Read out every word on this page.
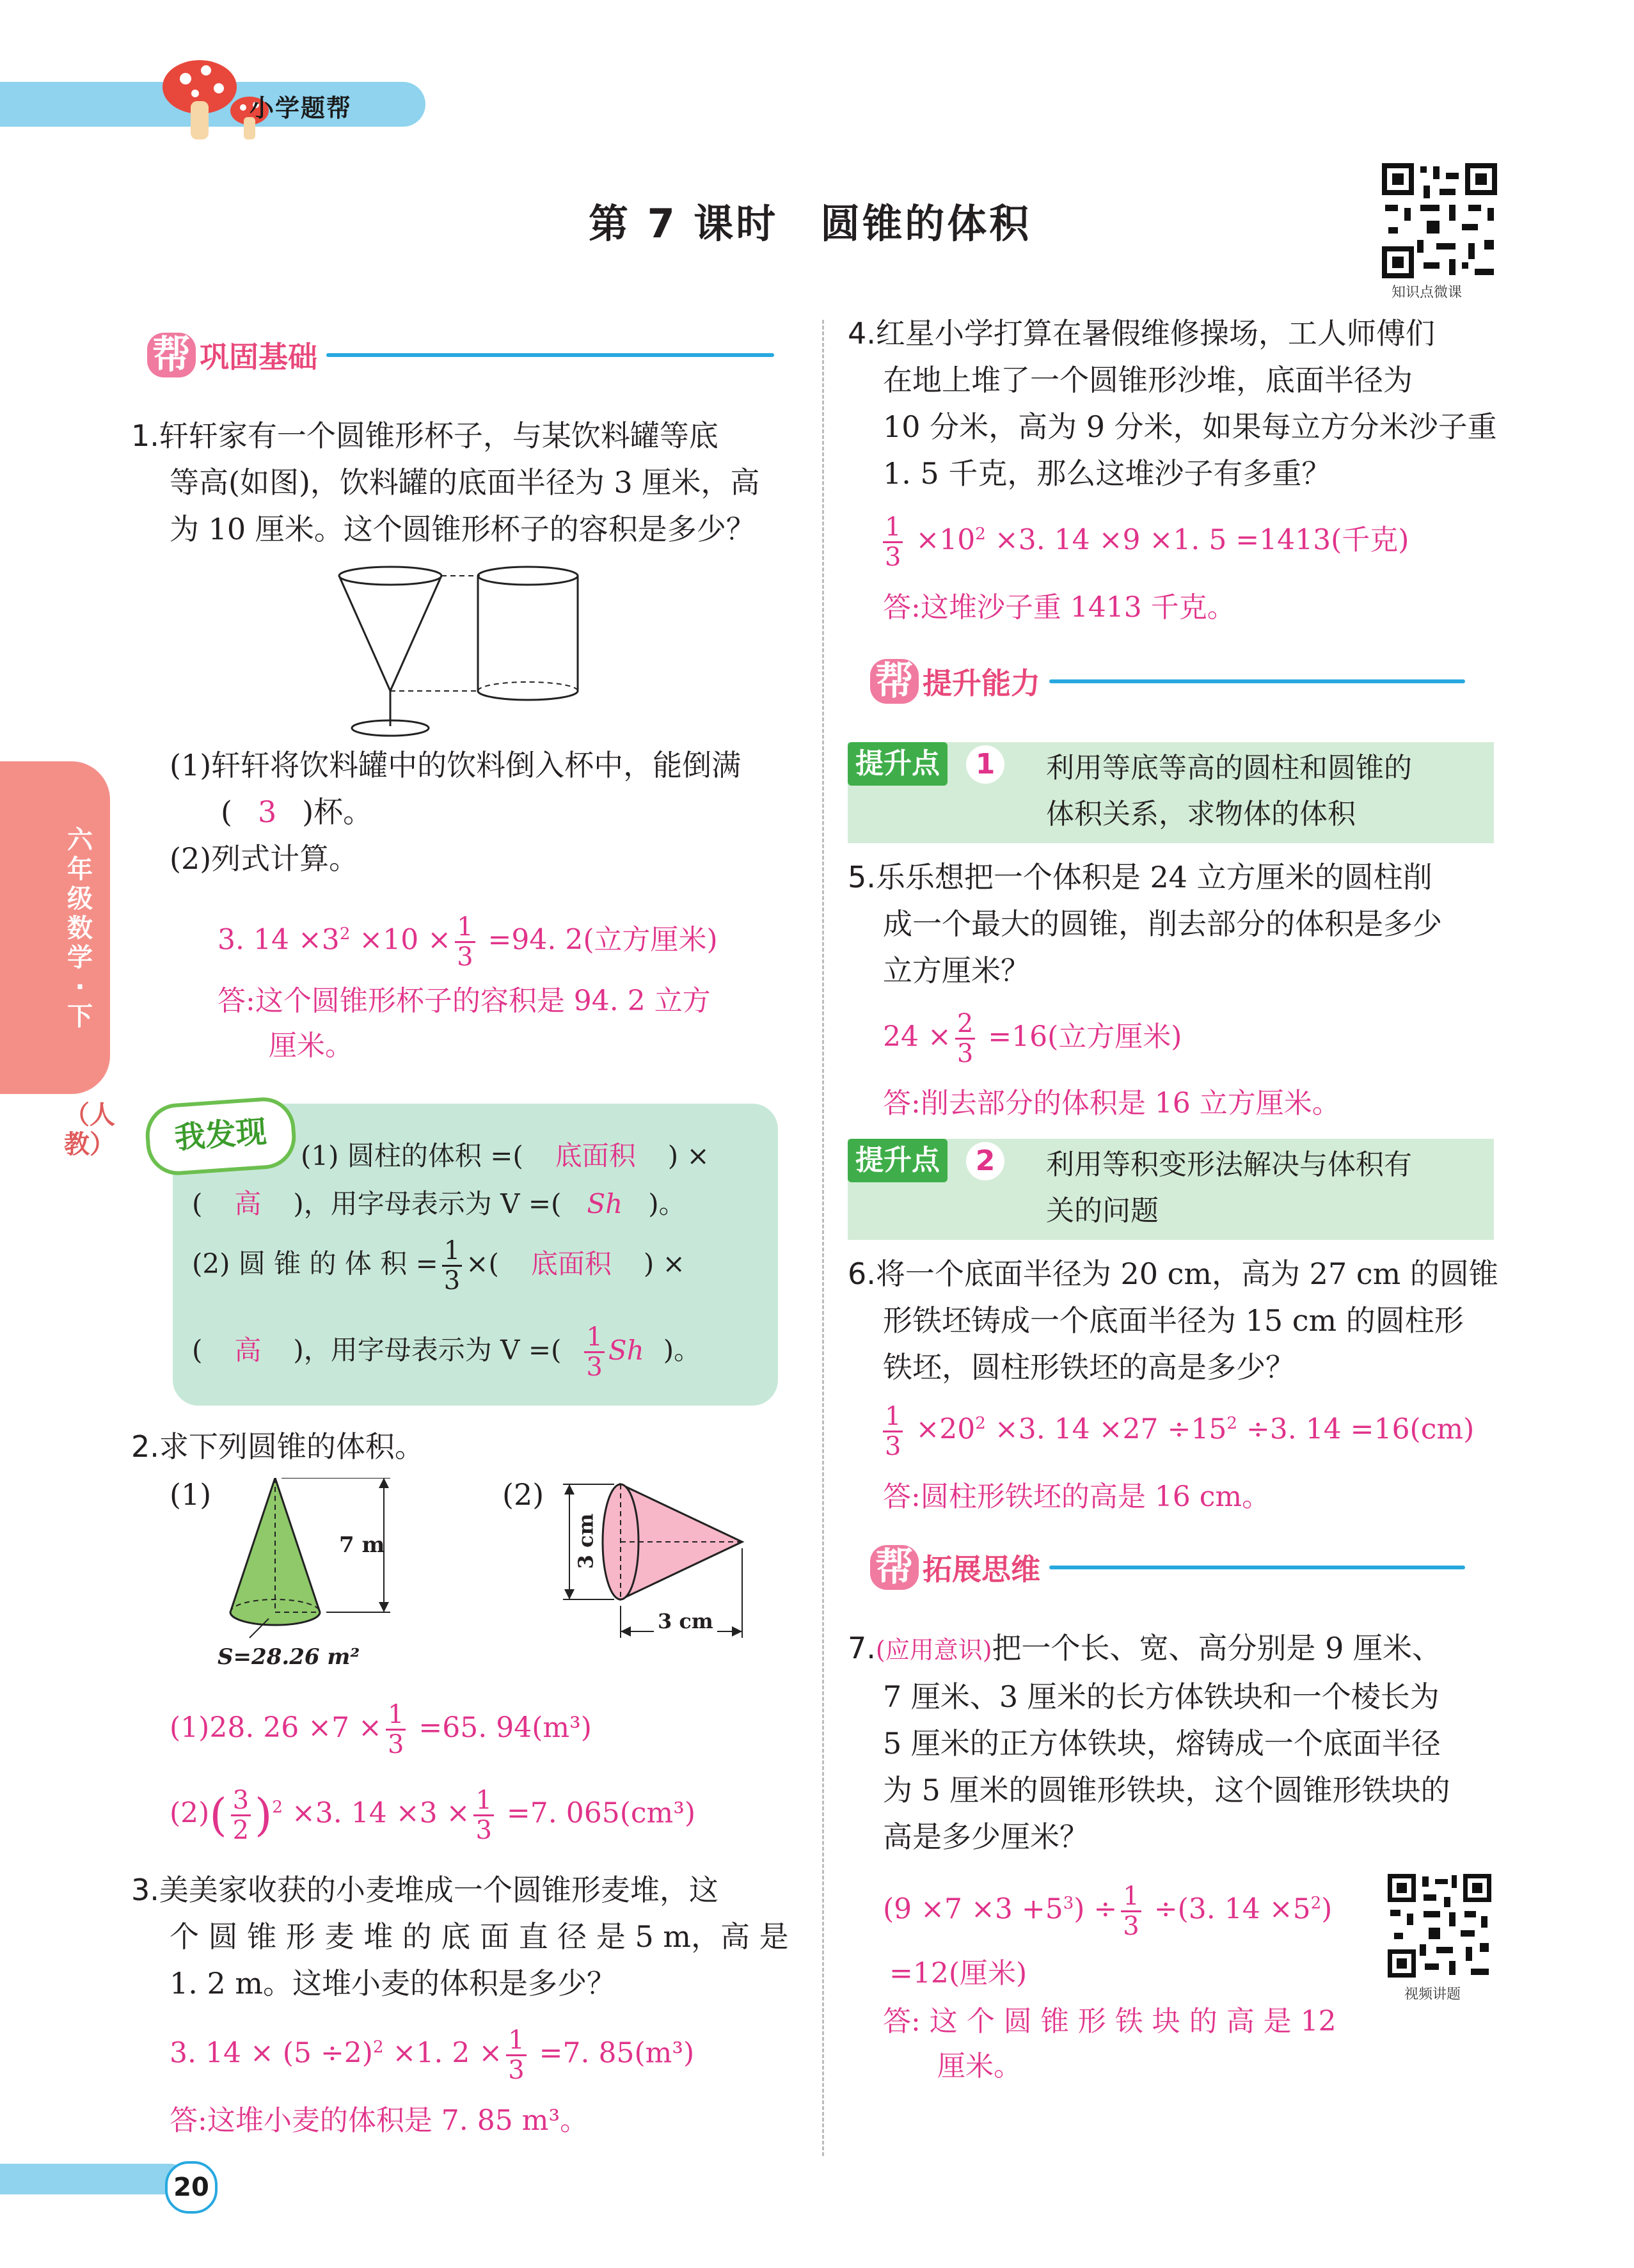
小学题帮
第 7 课时　圆锥的体积
知识点微课
六年级数学·下
（人教）
帮 巩固基础
1.轩轩家有一个圆锥形杯子，与某饮料罐等底
等高(如图)，饮料罐的底面半径为 3 厘米，高
为 10 厘米。这个圆锥形杯子的容积是多少？
(1)轩轩将饮料罐中的饮料倒入杯中，能倒满
( 3 )杯。
(2)列式计算。
3. $14 \times 3^2 \times 10 \times \frac{1}{3} =94$. 2(立方厘米)
答:这个圆锥形杯子的容积是 94. 2 立方
厘米。
我发现	(1) 圆柱的体积 =( 底面积 ) ×
( 高 )，用字母表示为 V =( Sh )。
(2) 圆 锥 的 体 积 = $\frac{1}{3}$ ×( 底面积 ) ×
( 高 )，用字母表示为 V =( $\frac{1}{3}$ Sh )。
2.求下列圆锥的体积。
(1)
7 m
S=28.26 m²
(2)
3 cm
3 cm
(1)28. $26 \times 7 \times \frac{1}{3} =65$. 94(m³)
$(2)( \frac{3}{2} )^2 \times 3$. $14 \times 3 \times \frac{1}{3} =7$. 065(cm³)
3.美美家收获的小麦堆成一个圆锥形麦堆，这
个 圆 锥 形 麦 堆 的 底 面 直 径 是 5 m，高 是
1. 2 m。这堆小麦的体积是多少？
3. $14 \times (5 \div 2)^2 \times 1$. $2 \times \frac{1}{3} =7$. 85(m³)
答:这堆小麦的体积是 7. 85 m³。
20
4.红星小学打算在暑假维修操场，工人师傅们
在地上堆了一个圆锥形沙堆，底面半径为
10 分米，高为 9 分米，如果每立方分米沙子重
1. 5 千克，那么这堆沙子有多重？
$\frac{1}{3} \times 10^2 \times 3$. 14 ×9 ×1. 5 =1413(千克)
答:这堆沙子重 1413 千克。
帮 提升能力
提升点	1	利用等底等高的圆柱和圆锥的
体积关系，求物体的体积
5.乐乐想把一个体积是 24 立方厘米的圆柱削
成一个最大的圆锥，削去部分的体积是多少
立方厘米？
$24 \times \frac{2}{3} =16$(立方厘米)
答:削去部分的体积是 16 立方厘米。
提升点	2	利用等积变形法解决与体积有
关的问题
6.将一个底面半径为 20 cm，高为 27 cm 的圆锥
形铁坯铸成一个底面半径为 15 cm 的圆柱形
铁坯，圆柱形铁坯的高是多少？
$\frac{1}{3} \times 20^2 \times 3$. $14 \times 27 \div 15^2 \div 3$. 14 =16(cm)
答:圆柱形铁坯的高是 16 cm。
帮 拓展思维
7.(应用意识)把一个长、宽、高分别是 9 厘米、
7 厘米、3 厘米的长方体铁块和一个棱长为
5 厘米的正方体铁块，熔铸成一个底面半径
为 5 厘米的圆锥形铁块，这个圆锥形铁块的
高是多少厘米？
$(9 \times 7 \times 3 +5^3) \div \frac{1}{3} \div(3$. $14 \times 5^2$)
=12(厘米)
答: 这 个 圆 锥 形 铁 块 的 高 是 12
厘米。
视频讲题
